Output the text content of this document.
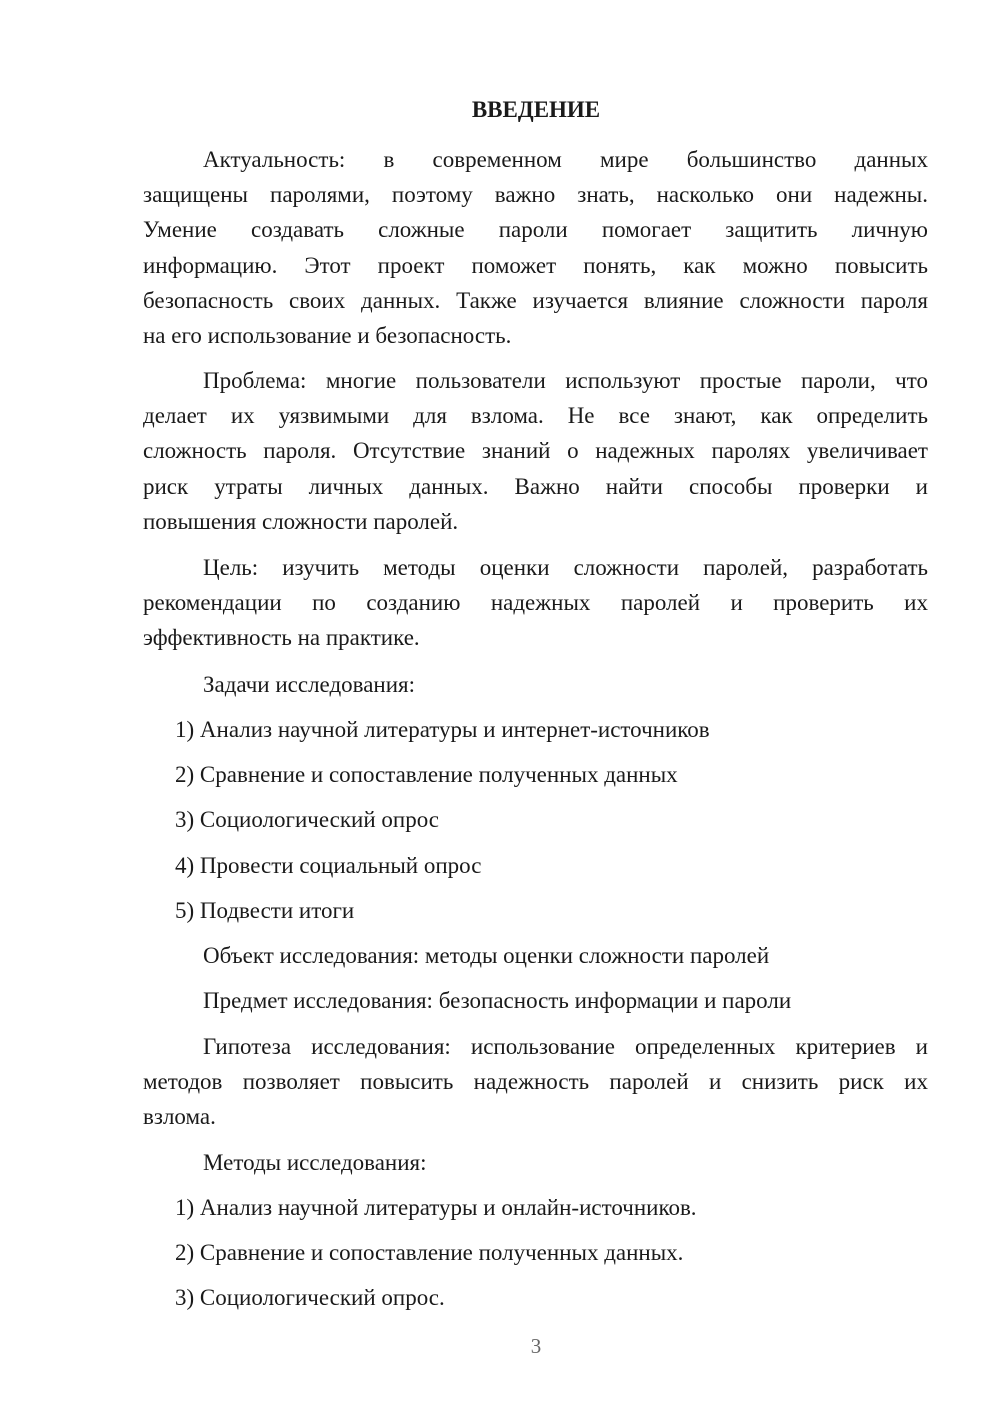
ВВЕДЕНИЕ
Актуальность: в современном мире большинство данных
защищены паролями, поэтому важно знать, насколько они надежны.
Умение создавать сложные пароли помогает защитить личную
информацию. Этот проект поможет понять, как можно повысить
безопасность своих данных. Также изучается влияние сложности пароля
на его использование и безопасность.
Проблема: многие пользователи используют простые пароли, что
делает их уязвимыми для взлома. Не все знают, как определить
сложность пароля. Отсутствие знаний о надежных паролях увеличивает
риск утраты личных данных. Важно найти способы проверки и
повышения сложности паролей.
Цель: изучить методы оценки сложности паролей, разработать
рекомендации по созданию надежных паролей и проверить их
эффективность на практике.
Задачи исследования:
1) Анализ научной литературы и интернет-источников
2) Сравнение и сопоставление полученных данных
3) Социологический опрос
4) Провести социальный опрос
5) Подвести итоги
Объект исследования: методы оценки сложности паролей
Предмет исследования: безопасность информации и пароли
Гипотеза исследования: использование определенных критериев и
методов позволяет повысить надежность паролей и снизить риск их
взлома.
Методы исследования:
1) Анализ научной литературы и онлайн-источников.
2) Сравнение и сопоставление полученных данных.
3) Социологический опрос.
3
